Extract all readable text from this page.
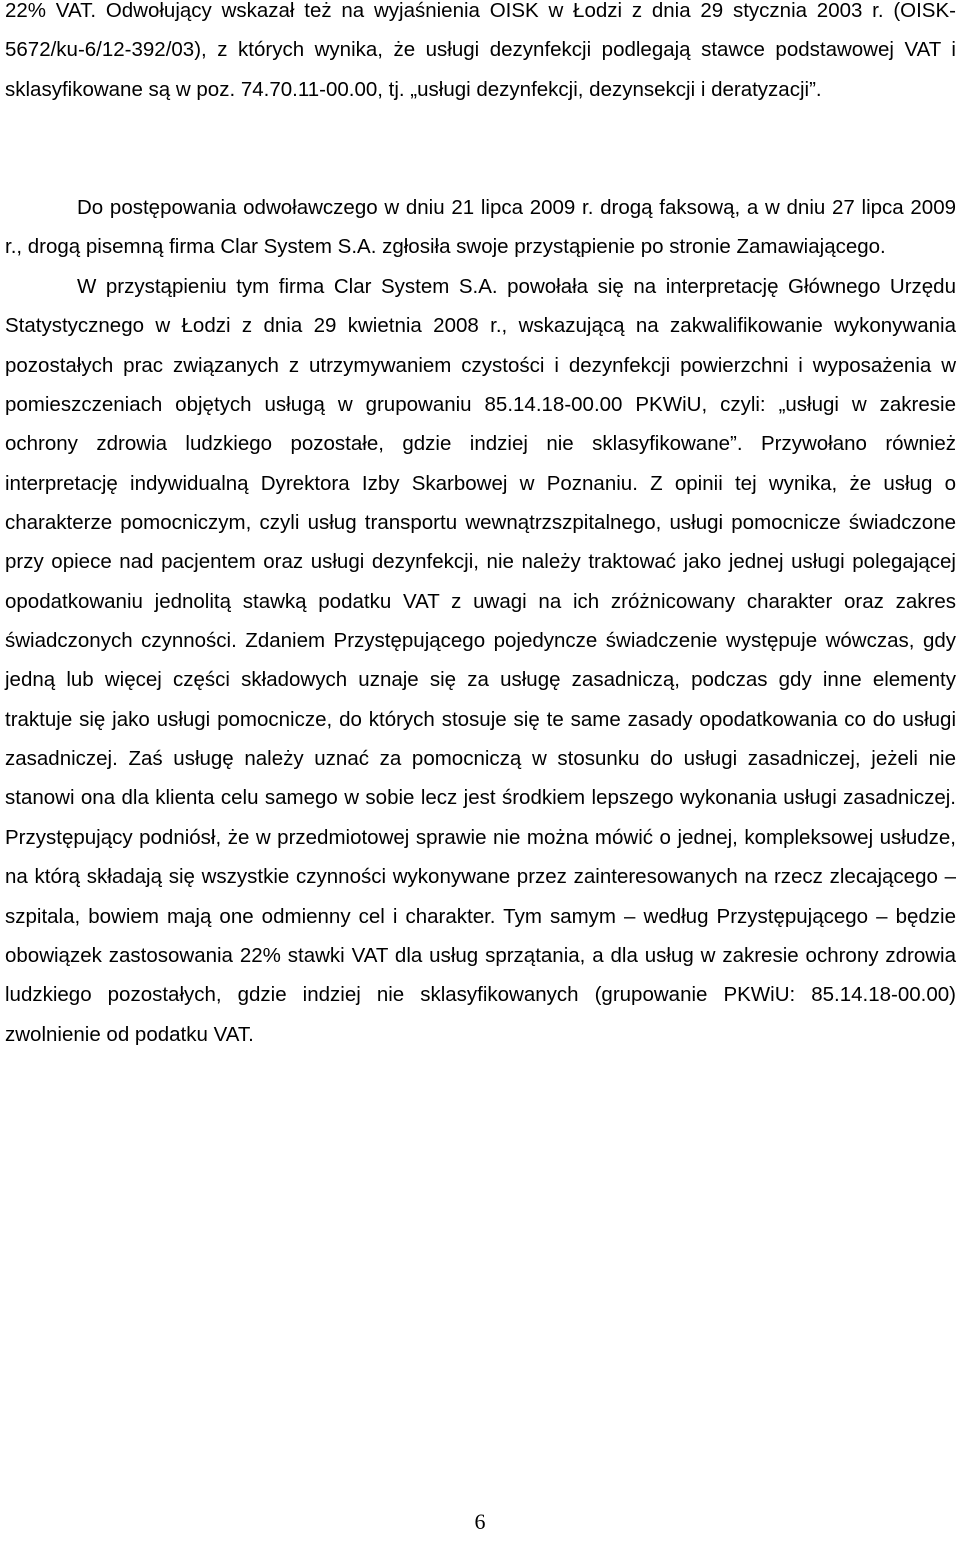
22% VAT. Odwołujący wskazał też na wyjaśnienia OISK w Łodzi z dnia 29 stycznia 2003 r. (OISK-5672/ku-6/12-392/03), z których wynika, że usługi dezynfekcji podlegają stawce podstawowej VAT i sklasyfikowane są w poz. 74.70.11-00.00, tj. „usługi dezynfekcji, dezynsekcji i deratyzacji”.

Do postępowania odwoławczego w dniu 21 lipca 2009 r. drogą faksową, a w dniu 27 lipca 2009 r., drogą pisemną firma Clar System S.A. zgłosiła swoje przystąpienie po stronie Zamawiającego.

W przystąpieniu tym firma Clar System S.A. powołała się na interpretację Głównego Urzędu Statystycznego w Łodzi z dnia 29 kwietnia 2008 r., wskazującą na zakwalifikowanie wykonywania pozostałych prac związanych z utrzymywaniem czystości i dezynfekcji powierzchni i wyposażenia w pomieszczeniach objętych usługą w grupowaniu 85.14.18-00.00 PKWiU, czyli: „usługi w zakresie ochrony zdrowia ludzkiego pozostałe, gdzie indziej nie sklasyfikowane”. Przywołano również interpretację indywidualną Dyrektora Izby Skarbowej w Poznaniu. Z opinii tej wynika, że usług o charakterze pomocniczym, czyli usług transportu wewnątrzszpitalnego, usługi pomocnicze świadczone przy opiece nad pacjentem oraz usługi dezynfekcji, nie należy traktować jako jednej usługi polegającej opodatkowaniu jednolitą stawką podatku VAT z uwagi na ich zróżnicowany charakter oraz zakres świadczonych czynności. Zdaniem Przystępującego pojedyncze świadczenie występuje wówczas, gdy jedną lub więcej części składowych uznaje się za usługę zasadniczą, podczas gdy inne elementy traktuje się jako usługi pomocnicze, do których stosuje się te same zasady opodatkowania co do usługi zasadniczej. Zaś usługę należy uznać za pomocniczą w stosunku do usługi zasadniczej, jeżeli nie stanowi ona dla klienta celu samego w sobie lecz jest środkiem lepszego wykonania usługi zasadniczej. Przystępujący podniósł, że w przedmiotowej sprawie nie można mówić o jednej, kompleksowej usłudze, na którą składają się wszystkie czynności wykonywane przez zainteresowanych na rzecz zlecającego – szpitala, bowiem mają one odmienny cel i charakter. Tym samym – według Przystępującego – będzie obowiązek zastosowania 22% stawki VAT dla usług sprzątania, a dla usług w zakresie ochrony zdrowia ludzkiego pozostałych, gdzie indziej nie sklasyfikowanych (grupowanie PKWiU: 85.14.18-00.00) zwolnienie od podatku VAT.

6
